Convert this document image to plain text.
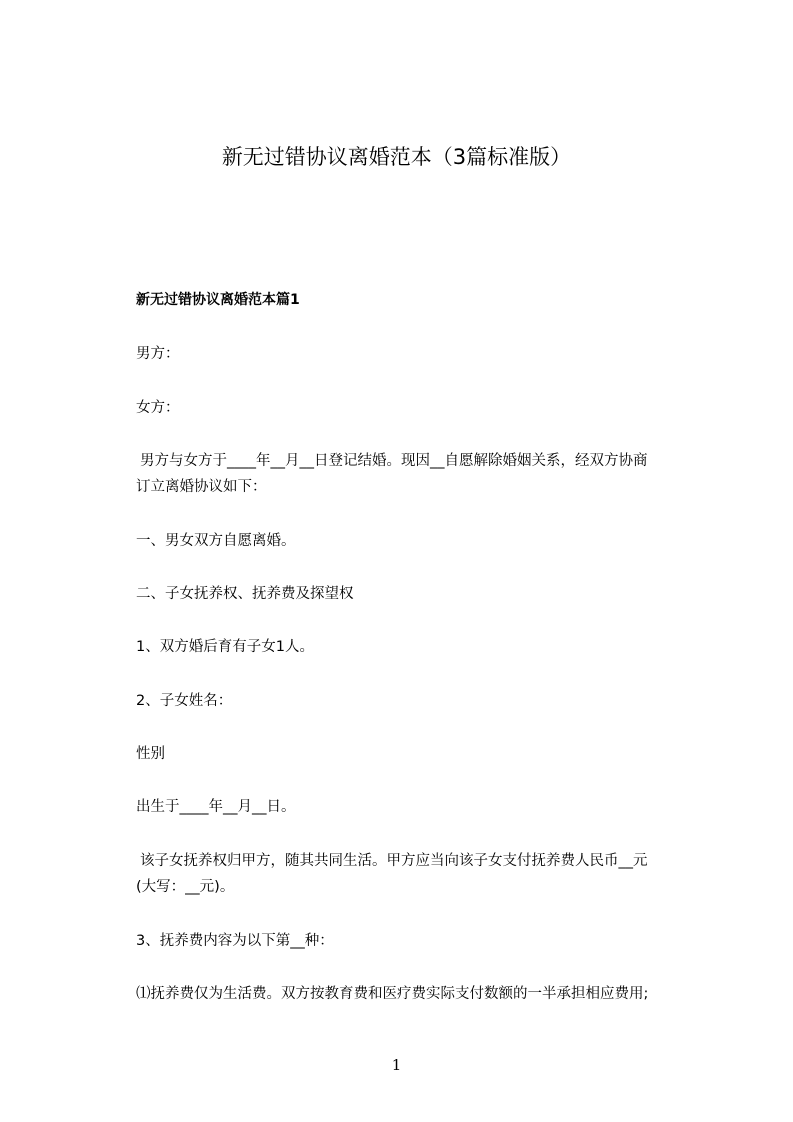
新无过错协议离婚范本（3篇标准版）
新无过错协议离婚范本篇1

男方：

女方：

男方与女方于____年__月__日登记结婚。现因__自愿解除婚姻关系，经双方协商

订立离婚协议如下：

一、男女双方自愿离婚。

二、子女抚养权、抚养费及探望权

1、双方婚后育有子女1人。

2、子女姓名：

性别

出生于____年__月__日。

该子女抚养权归甲方，随其共同生活。甲方应当向该子女支付抚养费人民币__元

(大写：__元)。

3、抚养费内容为以下第__种：

⑴抚养费仅为生活费。双方按教育费和医疗费实际支付数额的一半承担相应费用;

1
